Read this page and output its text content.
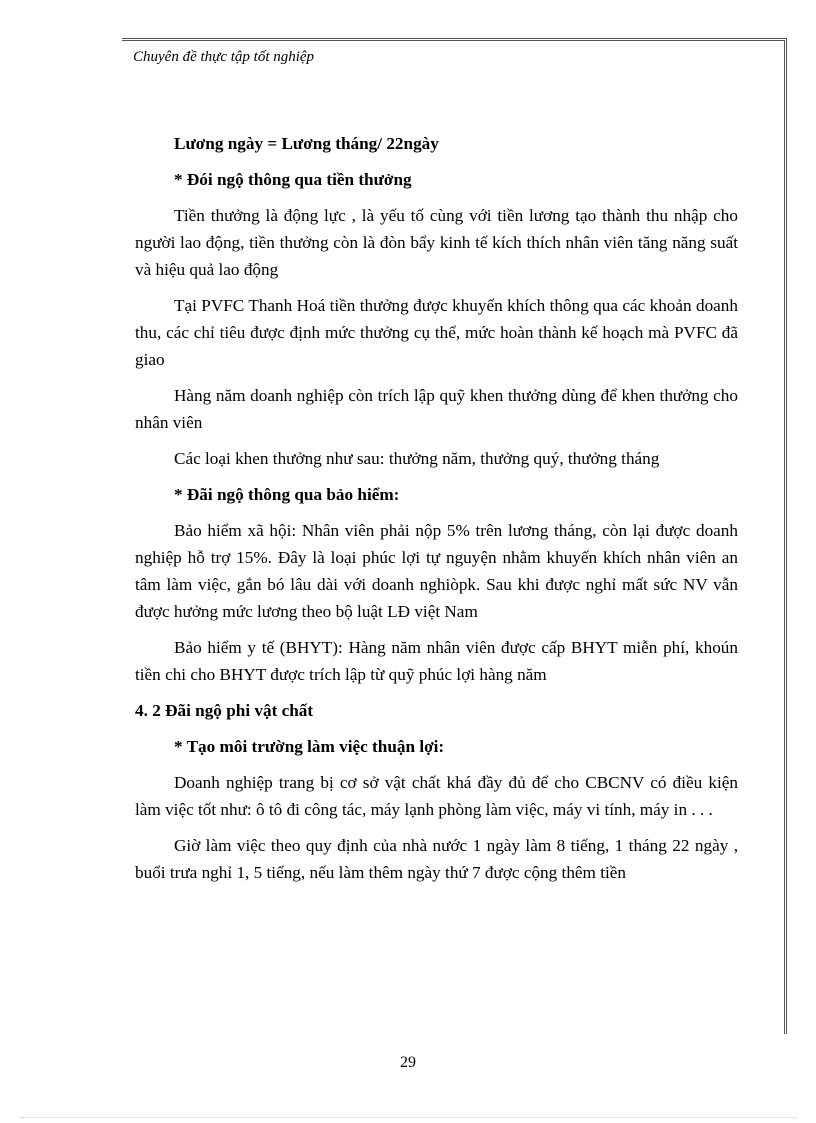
Chuyên đề thực tập tốt nghiệp

Lương ngày = Lương tháng/ 22ngày

* Đói ngộ thông qua tiền thưởng

Tiền thưởng là động lực , là yếu tố cùng với tiền lương tạo thành thu nhập cho người lao động, tiền thưởng còn là đòn bẩy kinh tế kích thích nhân viên tăng năng suất và hiệu quả lao động

Tại PVFC Thanh Hoá tiền thưởng được khuyến khích thông qua các khoản doanh thu, các chỉ tiêu được định mức thưởng cụ thể, mức hoàn thành kế hoạch mà PVFC đã giao

Hàng năm doanh nghiệp còn trích lập quỹ khen thưởng dùng để khen thưởng cho nhân viên

Các loại khen thưởng như sau: thưởng năm, thưởng quý, thưởng tháng

* Đãi ngộ thông qua bảo hiểm:

Bảo hiểm xã hội: Nhân viên phải nộp 5% trên lương tháng, còn lại được doanh nghiệp hỗ trợ 15%. Đây là loại phúc lợi tự nguyện nhằm khuyến khích nhân viên an tâm làm việc, gắn bó lâu dài với doanh nghiòpk. Sau khi được nghỉ mất sức NV vẫn được hưởng mức lương theo bộ luật LĐ việt Nam

Bảo hiểm y tế (BHYT): Hàng năm nhân viên được cấp BHYT miễn phí, khoún tiền chi cho BHYT được trích lập từ quỹ phúc lợi hàng năm

4. 2 Đãi ngộ phi vật chất

* Tạo môi trường làm việc thuận lợi:

Doanh nghiệp trang bị cơ sở vật chất khá đầy đủ để cho CBCNV có điều kiện làm việc tốt như: ô tô đi công tác, máy lạnh phòng làm việc, máy vi tính, máy in . . .

Giờ làm việc theo quy định của nhà nước 1 ngày làm 8 tiếng, 1 tháng 22 ngày , buổi trưa nghỉ 1, 5 tiếng, nếu làm thêm ngày thứ 7 được cộng thêm tiền

29
